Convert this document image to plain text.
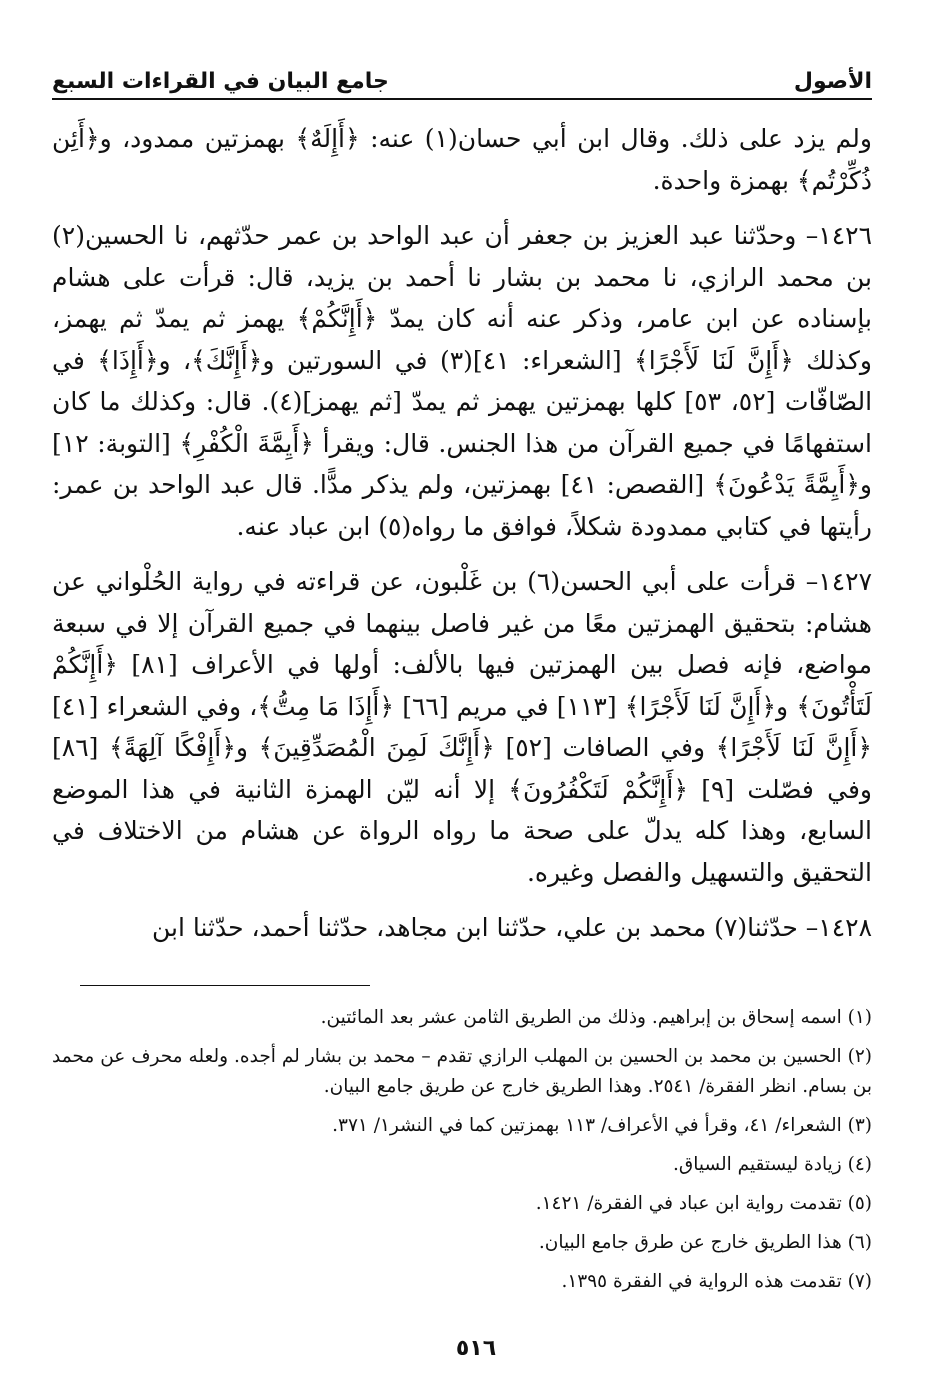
الأصول
جامع البيان في القراءات السبع

ولم يزد على ذلك. وقال ابن أبي حسان(١) عنه: ﴿أَإِلَهٌ﴾ بهمزتين ممدود، و﴿أَئِن ذُكِّرْتُم﴾ بهمزة واحدة.

١٤٢٦– وحدّثنا عبد العزيز بن جعفر أن عبد الواحد بن عمر حدّثهم، نا الحسين(٢) بن محمد الرازي، نا محمد بن بشار نا أحمد بن يزيد، قال: قرأت على هشام بإسناده عن ابن عامر، وذكر عنه أنه كان يمدّ ﴿أَإِنَّكُمْ﴾ يهمز ثم يمدّ ثم يهمز، وكذلك ﴿أَإِنَّ لَنَا لَأَجْرًا﴾ [الشعراء: ٤١](٣) في السورتين و﴿أَإِنَّكَ﴾، و﴿أَإِذَا﴾ في الصّافّات [٥٢، ٥٣] كلها بهمزتين يهمز ثم يمدّ [ثم يهمز](٤). قال: وكذلك ما كان استفهامًا في جميع القرآن من هذا الجنس. قال: ويقرأ ﴿أَيِمَّةَ الْكُفْرِ﴾ [التوبة: ١٢] و﴿أَيِمَّةً يَدْعُونَ﴾ [القصص: ٤١] بهمزتين، ولم يذكر مدًّا. قال عبد الواحد بن عمر: رأيتها في كتابي ممدودة شكلاً، فوافق ما رواه(٥) ابن عباد عنه.

١٤٢٧– قرأت على أبي الحسن(٦) بن غَلْبون، عن قراءته في رواية الحُلْواني عن هشام: بتحقيق الهمزتين معًا من غير فاصل بينهما في جميع القرآن إلا في سبعة مواضع، فإنه فصل بين الهمزتين فيها بالألف: أولها في الأعراف [٨١] ﴿أَإِنَّكُمْ لَتَأْتُونَ﴾ و﴿أَإِنَّ لَنَا لَأَجْرًا﴾ [١١٣] في مريم [٦٦] ﴿أَإِذَا مَا مِتُّ﴾، وفي الشعراء [٤١] ﴿أَإِنَّ لَنَا لَأَجْرًا﴾ وفي الصافات [٥٢] ﴿أَإِنَّكَ لَمِنَ الْمُصَدِّقِينَ﴾ و﴿أَإِفْكًا آلِهَةً﴾ [٨٦] وفي فصّلت [٩] ﴿أَإِنَّكُمْ لَتَكْفُرُونَ﴾ إلا أنه ليّن الهمزة الثانية في هذا الموضع السابع، وهذا كله يدلّ على صحة ما رواه الرواة عن هشام من الاختلاف في التحقيق والتسهيل والفصل وغيره.

١٤٢٨– حدّثنا(٧) محمد بن علي، حدّثنا ابن مجاهد، حدّثنا أحمد، حدّثنا ابن

(١) اسمه إسحاق بن إبراهيم. وذلك من الطريق الثامن عشر بعد المائتين.

(٢) الحسين بن محمد بن الحسين بن المهلب الرازي تقدم – محمد بن بشار لم أجده. ولعله محرف عن محمد بن بسام. انظر الفقرة/ ٢٥٤١. وهذا الطريق خارج عن طريق جامع البيان.

(٣) الشعراء/ ٤١، وقرأ في الأعراف/ ١١٣ بهمزتين كما في النشر١/ ٣٧١.

(٤) زيادة ليستقيم السياق.

(٥) تقدمت رواية ابن عباد في الفقرة/ ١٤٢١.

(٦) هذا الطريق خارج عن طرق جامع البيان.

(٧) تقدمت هذه الرواية في الفقرة ١٣٩٥.

٥١٦
